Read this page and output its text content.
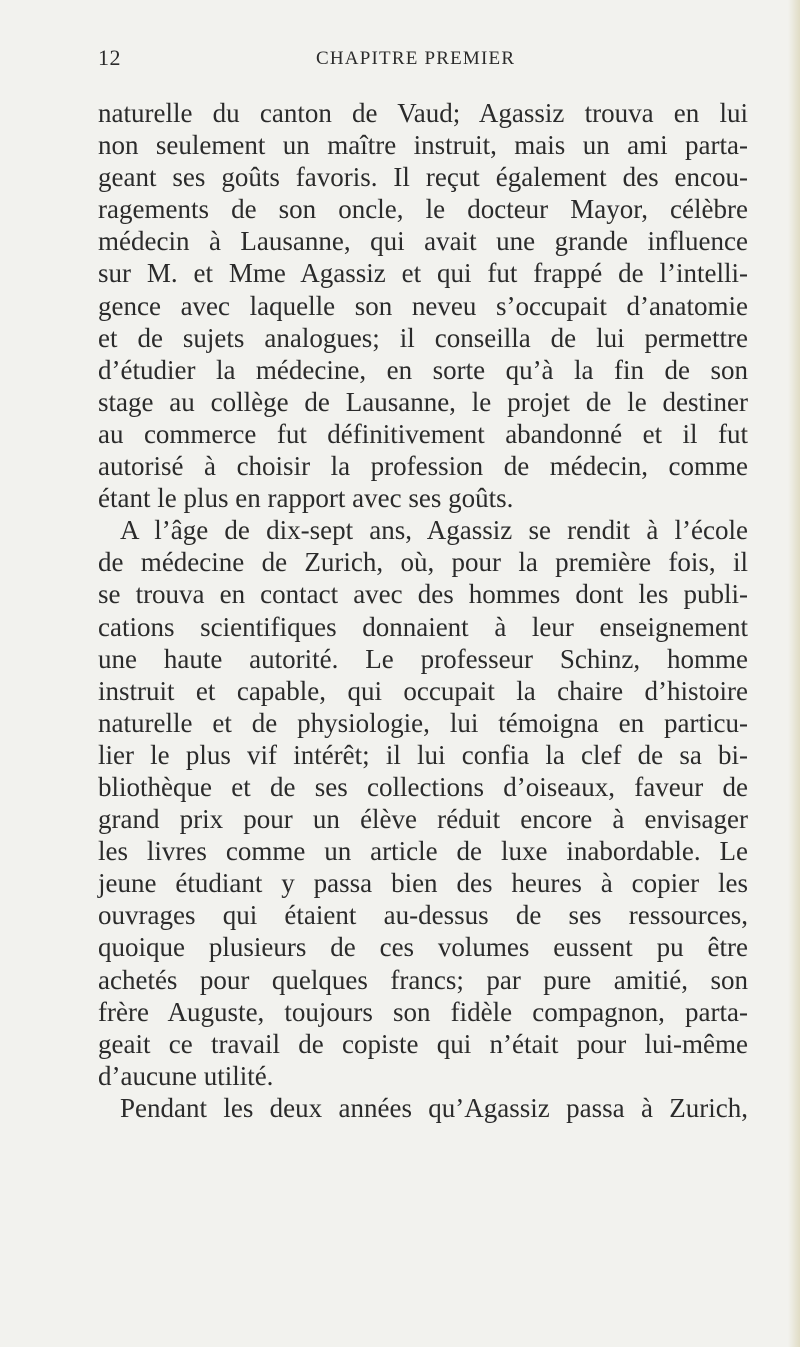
12	CHAPITRE PREMIER
naturelle du canton de Vaud; Agassiz trouva en lui
non seulement un maître instruit, mais un ami parta-
geant ses goûts favoris. Il reçut également des encou-
ragements de son oncle, le docteur Mayor, célèbre
médecin à Lausanne, qui avait une grande influence
sur M. et Mme Agassiz et qui fut frappé de l’intelli-
gence avec laquelle son neveu s’occupait d’anatomie
et de sujets analogues; il conseilla de lui permettre
d’étudier la médecine, en sorte qu’à la fin de son
stage au collège de Lausanne, le projet de le destiner
au commerce fut définitivement abandonné et il fut
autorisé à choisir la profession de médecin, comme
étant le plus en rapport avec ses goûts.
A l’âge de dix-sept ans, Agassiz se rendit à l’école
de médecine de Zurich, où, pour la première fois, il
se trouva en contact avec des hommes dont les publi-
cations scientifiques donnaient à leur enseignement
une haute autorité. Le professeur Schinz, homme
instruit et capable, qui occupait la chaire d’histoire
naturelle et de physiologie, lui témoigna en particu-
lier le plus vif intérêt; il lui confia la clef de sa bi-
bliothèque et de ses collections d’oiseaux, faveur de
grand prix pour un élève réduit encore à envisager
les livres comme un article de luxe inabordable. Le
jeune étudiant y passa bien des heures à copier les
ouvrages qui étaient au-dessus de ses ressources,
quoique plusieurs de ces volumes eussent pu être
achetés pour quelques francs; par pure amitié, son
frère Auguste, toujours son fidèle compagnon, parta-
geait ce travail de copiste qui n’était pour lui-même
d’aucune utilité.
Pendant les deux années qu’Agassiz passa à Zurich,
